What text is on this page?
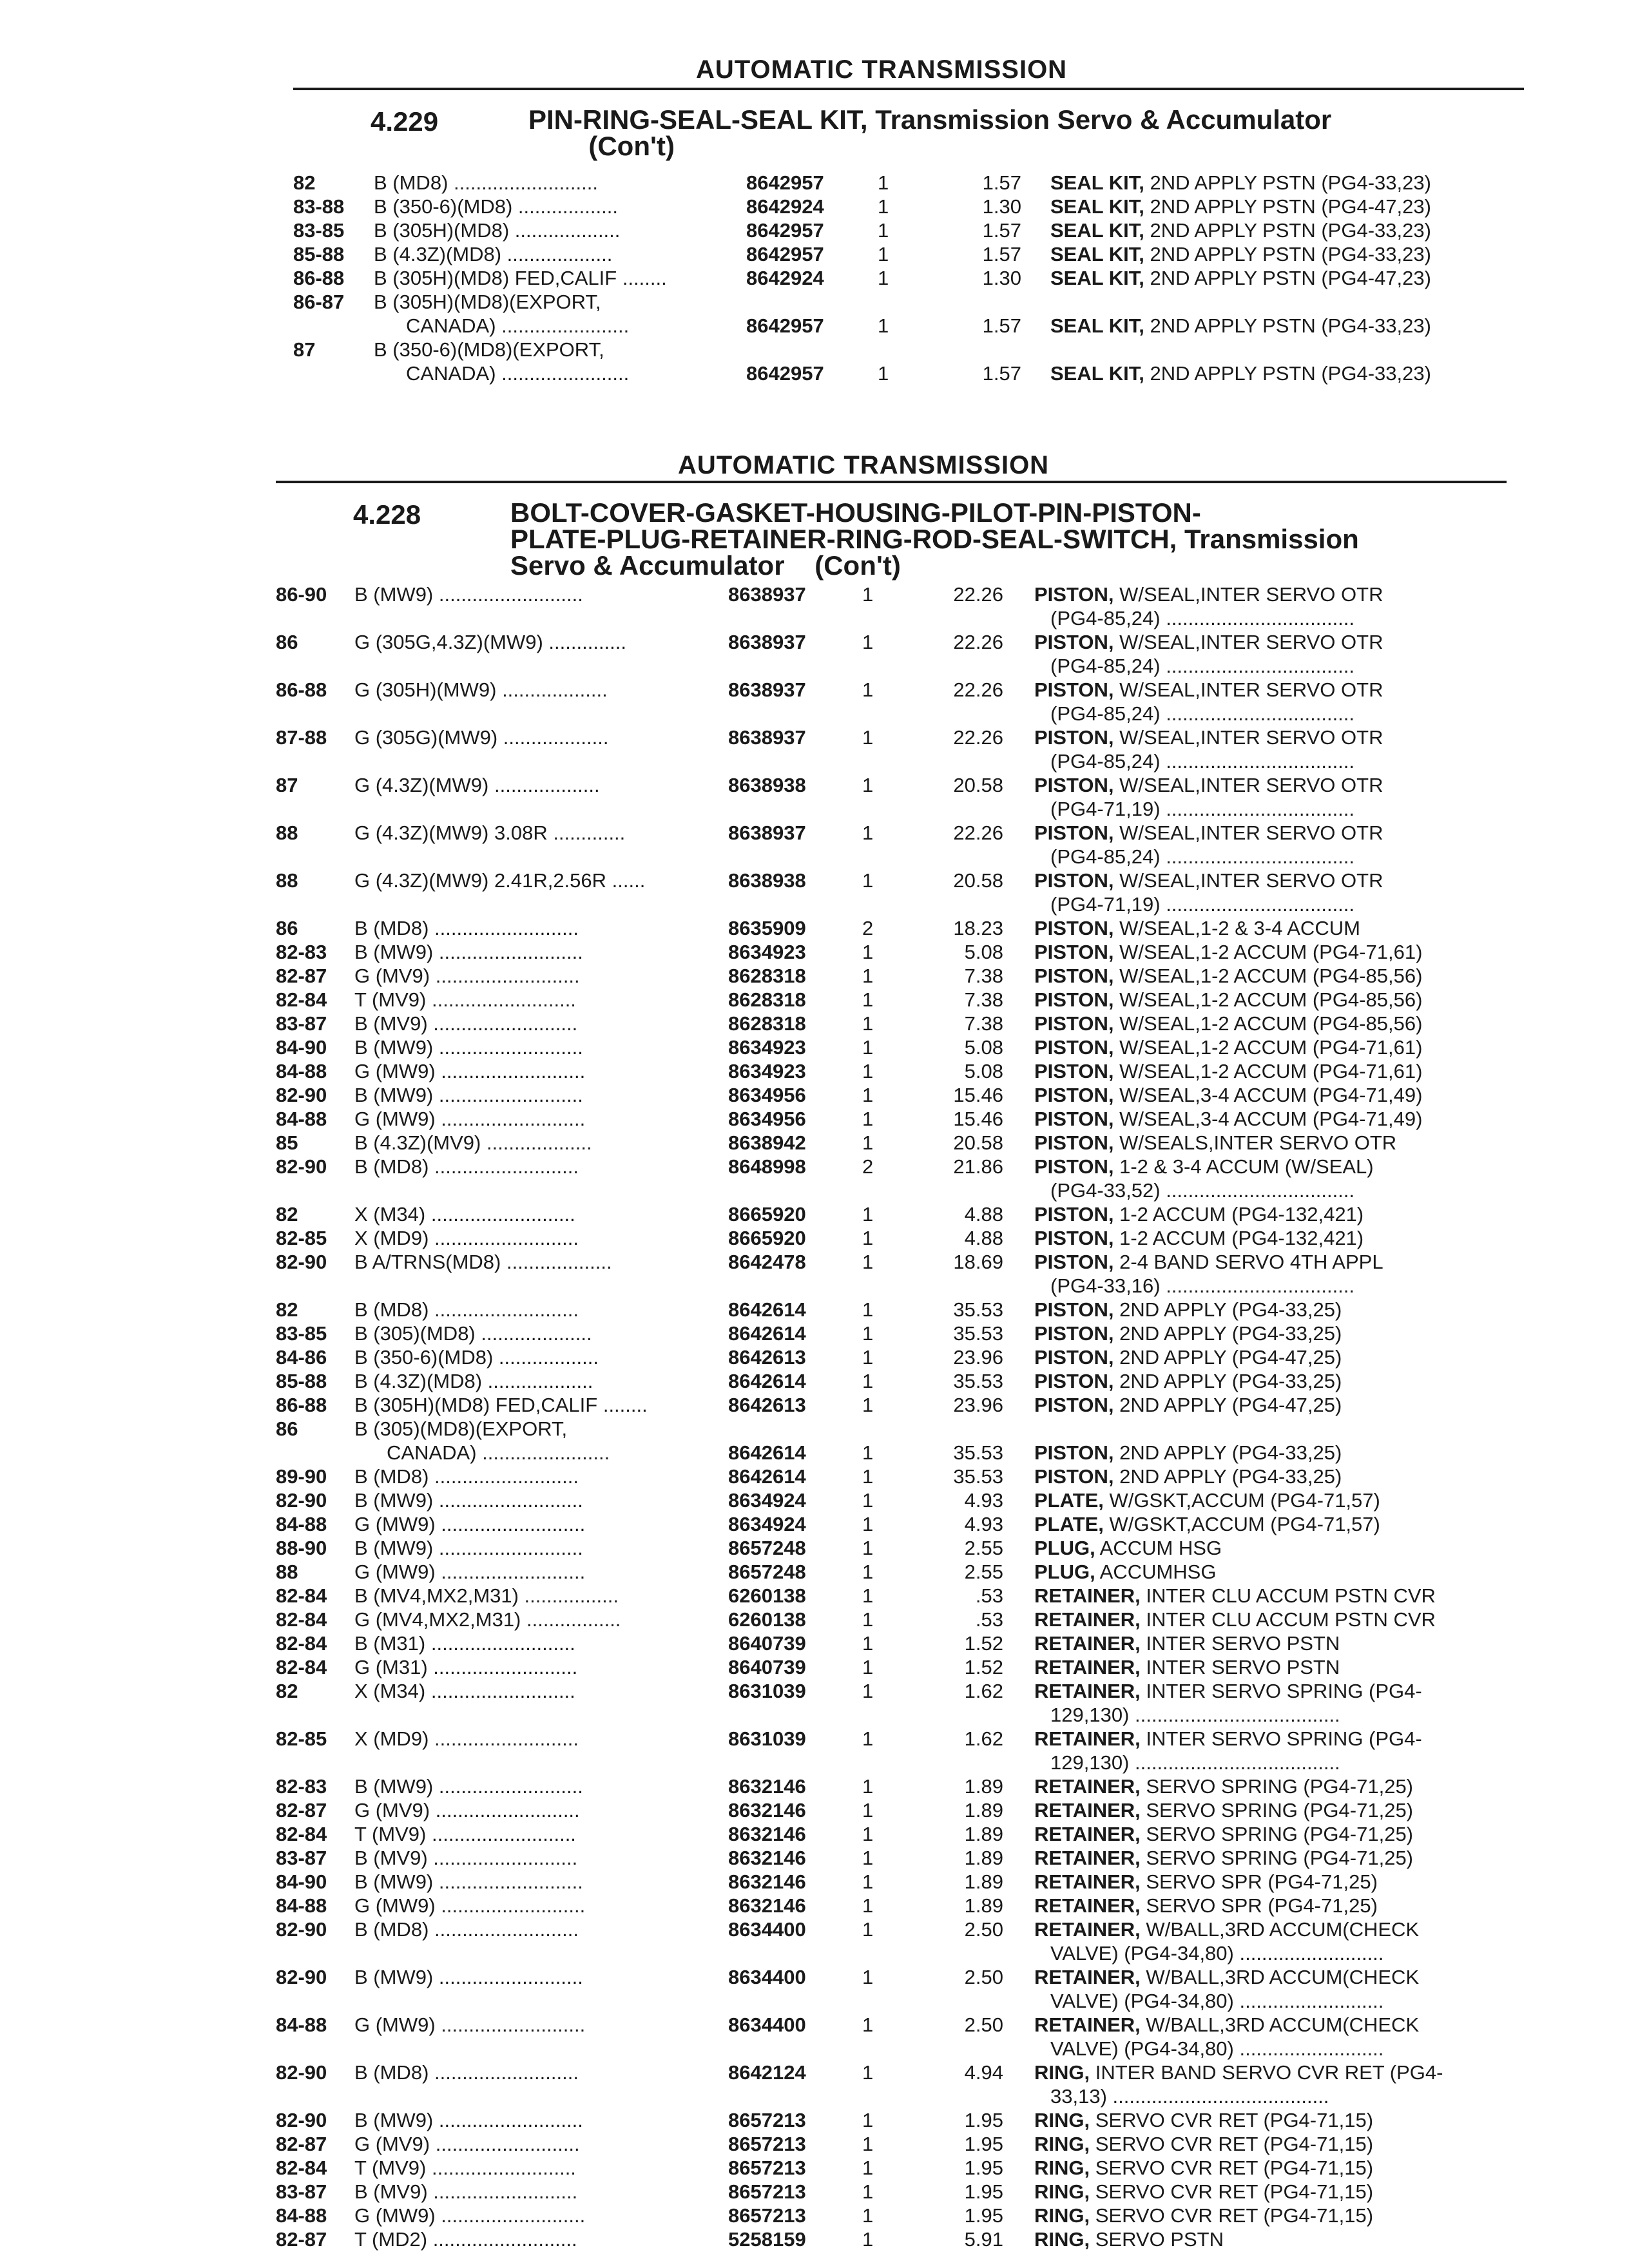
AUTOMATIC TRANSMISSION
4.229	PIN-RING-SEAL-SEAL KIT, Transmission Servo & Accumulator
(Con't)
82	B (MD8) ..........................	8642957	1	1.57 SEAL KIT, 2ND APPLY PSTN (PG4-33,23)
83-88 B (350-6)(MD8) ..................	8642924	1	1.30 SEAL KIT, 2ND APPLY PSTN (PG4-47,23)
83-85 B (305H)(MD8) ...................	8642957	1	1.57 SEAL KIT, 2ND APPLY PSTN (PG4-33,23)
85-88 B (4.3Z)(MD8) ...................	8642957	1	1.57 SEAL KIT, 2ND APPLY PSTN (PG4-33,23)
86-88 B (305H)(MD8) FED,CALIF ........	8642924	1	1.30 SEAL KIT, 2ND APPLY PSTN (PG4-47,23)
86-87 B (305H)(MD8)(EXPORT,
CANADA) .......................	8642957	1	1.57 SEAL KIT, 2ND APPLY PSTN (PG4-33,23)
87	B (350-6)(MD8)(EXPORT,
CANADA) .......................	8642957	1	1.57 SEAL KIT, 2ND APPLY PSTN (PG4-33,23)
AUTOMATIC TRANSMISSION
4.228	BOLT-COVER-GASKET-HOUSING-PILOT-PIN-PISTON-
PLATE-PLUG-RETAINER-RING-ROD-SEAL-SWITCH, Transmission
Servo & Accumulator    (Con't)
86-90 B (MW9) ..........................	8638937	1	22.26 PISTON, W/SEAL,INTER SERVO OTR
(PG4-85,24) ..................................
86	G (305G,4.3Z)(MW9) ..............	8638937	1	22.26 PISTON, W/SEAL,INTER SERVO OTR
(PG4-85,24) ..................................
86-88 G (305H)(MW9) ...................	8638937	1	22.26 PISTON, W/SEAL,INTER SERVO OTR
(PG4-85,24) ..................................
87-88 G (305G)(MW9) ...................	8638937	1	22.26 PISTON, W/SEAL,INTER SERVO OTR
(PG4-85,24) ..................................
87	G (4.3Z)(MW9) ...................	8638938	1	20.58 PISTON, W/SEAL,INTER SERVO OTR
(PG4-71,19) ..................................
88	G (4.3Z)(MW9) 3.08R .............	8638937	1	22.26 PISTON, W/SEAL,INTER SERVO OTR
(PG4-85,24) ..................................
88	G (4.3Z)(MW9) 2.41R,2.56R ......	8638938	1	20.58 PISTON, W/SEAL,INTER SERVO OTR
(PG4-71,19) ..................................
86	B (MD8) ..........................	8635909	2	18.23 PISTON, W/SEAL,1-2 & 3-4 ACCUM
82-83 B (MW9) ..........................	8634923	1	5.08 PISTON, W/SEAL,1-2 ACCUM (PG4-71,61)
82-87 G (MV9) ..........................	8628318	1	7.38 PISTON, W/SEAL,1-2 ACCUM (PG4-85,56)
82-84 T (MV9) ..........................	8628318	1	7.38 PISTON, W/SEAL,1-2 ACCUM (PG4-85,56)
83-87 B (MV9) ..........................	8628318	1	7.38 PISTON, W/SEAL,1-2 ACCUM (PG4-85,56)
84-90 B (MW9) ..........................	8634923	1	5.08 PISTON, W/SEAL,1-2 ACCUM (PG4-71,61)
84-88 G (MW9) ..........................	8634923	1	5.08 PISTON, W/SEAL,1-2 ACCUM (PG4-71,61)
82-90 B (MW9) ..........................	8634956	1	15.46 PISTON, W/SEAL,3-4 ACCUM (PG4-71,49)
84-88 G (MW9) ..........................	8634956	1	15.46 PISTON, W/SEAL,3-4 ACCUM (PG4-71,49)
85	B (4.3Z)(MV9) ...................	8638942	1	20.58 PISTON, W/SEALS,INTER SERVO OTR
82-90 B (MD8) ..........................	8648998	2	21.86 PISTON, 1-2 & 3-4 ACCUM (W/SEAL)
(PG4-33,52) ..................................
82	X (M34) ..........................	8665920	1	4.88 PISTON, 1-2 ACCUM (PG4-132,421)
82-85 X (MD9) ..........................	8665920	1	4.88 PISTON, 1-2 ACCUM (PG4-132,421)
82-90 B A/TRNS(MD8) ...................	8642478	1	18.69 PISTON, 2-4 BAND SERVO 4TH APPL
(PG4-33,16) ..................................
82	B (MD8) ..........................	8642614	1	35.53 PISTON, 2ND APPLY (PG4-33,25)
83-85 B (305)(MD8) ....................	8642614	1	35.53 PISTON, 2ND APPLY (PG4-33,25)
84-86 B (350-6)(MD8) ..................	8642613	1	23.96 PISTON, 2ND APPLY (PG4-47,25)
85-88 B (4.3Z)(MD8) ...................	8642614	1	35.53 PISTON, 2ND APPLY (PG4-33,25)
86-88 B (305H)(MD8) FED,CALIF ........	8642613	1	23.96 PISTON, 2ND APPLY (PG4-47,25)
86	B (305)(MD8)(EXPORT,
CANADA) .......................	8642614	1	35.53 PISTON, 2ND APPLY (PG4-33,25)
89-90 B (MD8) ..........................	8642614	1	35.53 PISTON, 2ND APPLY (PG4-33,25)
82-90 B (MW9) ..........................	8634924	1	4.93 PLATE, W/GSKT,ACCUM (PG4-71,57)
84-88 G (MW9) ..........................	8634924	1	4.93 PLATE, W/GSKT,ACCUM (PG4-71,57)
88-90 B (MW9) ..........................	8657248	1	2.55 PLUG, ACCUM HSG
88	G (MW9) ..........................	8657248	1	2.55 PLUG, ACCUMHSG
82-84 B (MV4,MX2,M31) .................	6260138	1	.53 RETAINER, INTER CLU ACCUM PSTN CVR
82-84 G (MV4,MX2,M31) .................	6260138	1	.53 RETAINER, INTER CLU ACCUM PSTN CVR
82-84 B (M31) ..........................	8640739	1	1.52 RETAINER, INTER SERVO PSTN
82-84 G (M31) ..........................	8640739	1	1.52 RETAINER, INTER SERVO PSTN
82	X (M34) ..........................	8631039	1	1.62 RETAINER, INTER SERVO SPRING (PG4-
129,130) .....................................
82-85 X (MD9) ..........................	8631039	1	1.62 RETAINER, INTER SERVO SPRING (PG4-
129,130) .....................................
82-83 B (MW9) ..........................	8632146	1	1.89 RETAINER, SERVO SPRING (PG4-71,25)
82-87 G (MV9) ..........................	8632146	1	1.89 RETAINER, SERVO SPRING (PG4-71,25)
82-84 T (MV9) ..........................	8632146	1	1.89 RETAINER, SERVO SPRING (PG4-71,25)
83-87 B (MV9) ..........................	8632146	1	1.89 RETAINER, SERVO SPRING (PG4-71,25)
84-90 B (MW9) ..........................	8632146	1	1.89 RETAINER, SERVO SPR (PG4-71,25)
84-88 G (MW9) ..........................	8632146	1	1.89 RETAINER, SERVO SPR (PG4-71,25)
82-90 B (MD8) ..........................	8634400	1	2.50 RETAINER, W/BALL,3RD ACCUM(CHECK
VALVE) (PG4-34,80) ..........................
82-90 B (MW9) ..........................	8634400	1	2.50 RETAINER, W/BALL,3RD ACCUM(CHECK
VALVE) (PG4-34,80) ..........................
84-88 G (MW9) ..........................	8634400	1	2.50 RETAINER, W/BALL,3RD ACCUM(CHECK
VALVE) (PG4-34,80) ..........................
82-90 B (MD8) ..........................	8642124	1	4.94 RING, INTER BAND SERVO CVR RET (PG4-
33,13) .......................................
82-90 B (MW9) ..........................	8657213	1	1.95 RING, SERVO CVR RET (PG4-71,15)
82-87 G (MV9) ..........................	8657213	1	1.95 RING, SERVO CVR RET (PG4-71,15)
82-84 T (MV9) ..........................	8657213	1	1.95 RING, SERVO CVR RET (PG4-71,15)
83-87 B (MV9) ..........................	8657213	1	1.95 RING, SERVO CVR RET (PG4-71,15)
84-88 G (MW9) ..........................	8657213	1	1.95 RING, SERVO CVR RET (PG4-71,15)
82-87 T (MD2) ..........................	5258159	1	5.91 RING, SERVO PSTN
